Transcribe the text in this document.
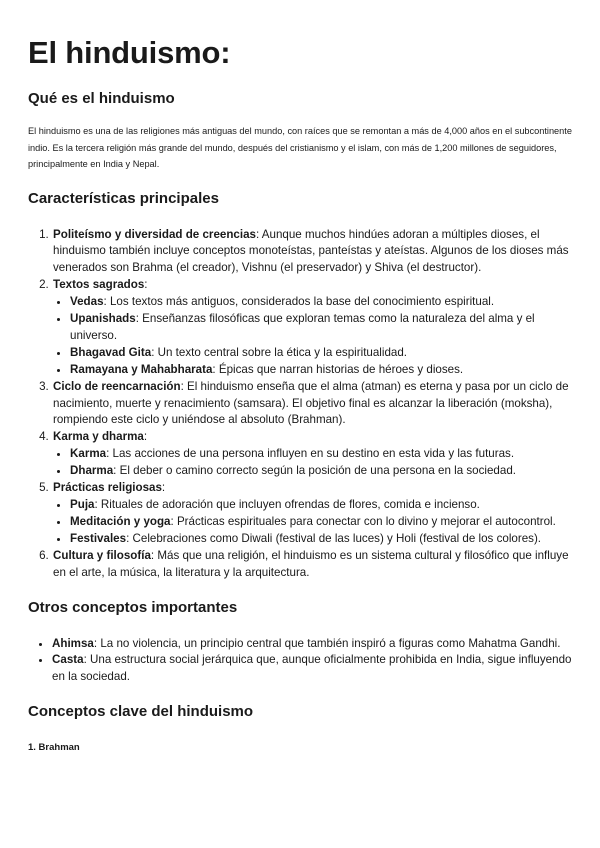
El hinduismo:
Qué es el hinduismo

El hinduismo es una de las religiones más antiguas del mundo, con raíces que se remontan a más de 4,000 años en el subcontinente indio. Es la tercera religión más grande del mundo, después del cristianismo y el islam, con más de 1,200 millones de seguidores, principalmente en India y Nepal.

Características principales
1. Politeísmo y diversidad de creencias: Aunque muchos hindúes adoran a múltiples dioses, el hinduismo también incluye conceptos monoteístas, panteístas y ateístas. Algunos de los dioses más venerados son Brahma (el creador), Vishnu (el preservador) y Shiva (el destructor).
2. Textos sagrados:
• Vedas: Los textos más antiguos, considerados la base del conocimiento espiritual.
• Upanishads: Enseñanzas filosóficas que exploran temas como la naturaleza del alma y el universo.
• Bhagavad Gita: Un texto central sobre la ética y la espiritualidad.
• Ramayana y Mahabharata: Épicas que narran historias de héroes y dioses.
3. Ciclo de reencarnación: El hinduismo enseña que el alma (atman) es eterna y pasa por un ciclo de nacimiento, muerte y renacimiento (samsara). El objetivo final es alcanzar la liberación (moksha), rompiendo este ciclo y uniéndose al absoluto (Brahman).
4. Karma y dharma:
• Karma: Las acciones de una persona influyen en su destino en esta vida y las futuras.
• Dharma: El deber o camino correcto según la posición de una persona en la sociedad.
5. Prácticas religiosas:
• Puja: Rituales de adoración que incluyen ofrendas de flores, comida e incienso.
• Meditación y yoga: Prácticas espirituales para conectar con lo divino y mejorar el autocontrol.
• Festivales: Celebraciones como Diwali (festival de las luces) y Holi (festival de los colores).
6. Cultura y filosofía: Más que una religión, el hinduismo es un sistema cultural y filosófico que influye en el arte, la música, la literatura y la arquitectura.
Otros conceptos importantes
• Ahimsa: La no violencia, un principio central que también inspiró a figuras como Mahatma Gandhi.
• Casta: Una estructura social jerárquica que, aunque oficialmente prohibida en India, sigue influyendo en la sociedad.
Conceptos clave del hinduismo
1. Brahman
